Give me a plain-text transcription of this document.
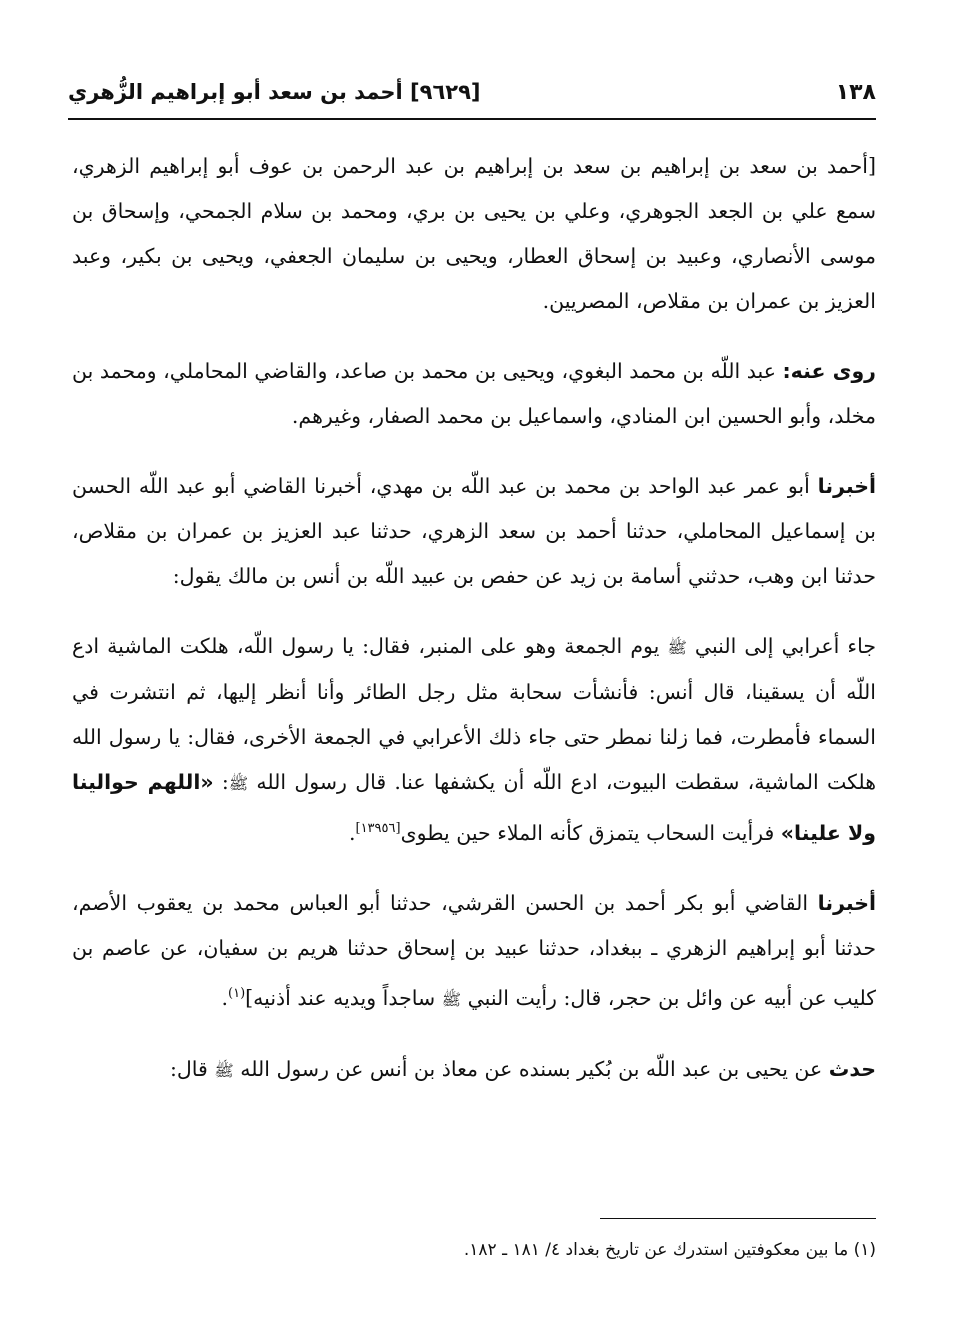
١٣٨
[٩٦٢٩] أحمد بن سعد أبو إبراهيم الزُّهري

[أحمد بن سعد بن إبراهيم بن سعد بن إبراهيم بن عبد الرحمن بن عوف أبو إبراهيم الزهري، سمع علي بن الجعد الجوهري، وعلي بن يحيى بن بري، ومحمد بن سلام الجمحي، وإسحاق بن موسى الأنصاري، وعبيد بن إسحاق العطار، ويحيى بن سليمان الجعفي، ويحيى بن بكير، وعبد العزيز بن عمران بن مقلاص، المصريين.

روى عنه: عبد اللّه بن محمد البغوي، ويحيى بن محمد بن صاعد، والقاضي المحاملي، ومحمد بن مخلد، وأبو الحسين ابن المنادي، واسماعيل بن محمد الصفار، وغيرهم.

أخبرنا أبو عمر عبد الواحد بن محمد بن عبد اللّه بن مهدي، أخبرنا القاضي أبو عبد اللّه الحسن بن إسماعيل المحاملي، حدثنا أحمد بن سعد الزهري، حدثنا عبد العزيز بن عمران بن مقلاص، حدثنا ابن وهب، حدثني أسامة بن زيد عن حفص بن عبيد اللّه بن أنس بن مالك يقول:

جاء أعرابي إلى النبي ﷺ يوم الجمعة وهو على المنبر، فقال: يا رسول اللّه، هلكت الماشية ادع اللّه أن يسقينا، قال أنس: فأنشأت سحابة مثل رجل الطائر وأنا أنظر إليها، ثم انتشرت في السماء فأمطرت، فما زلنا نمطر حتى جاء ذلك الأعرابي في الجمعة الأخرى، فقال: يا رسول الله هلكت الماشية، سقطت البيوت، ادع اللّه أن يكشفها عنا. قال رسول الله ﷺ: «اللهم حوالينا ولا علينا» فرأيت السحاب يتمزق كأنه الملاء حين يطوى[١٣٩٥٦].

أخبرنا القاضي أبو بكر أحمد بن الحسن القرشي، حدثنا أبو العباس محمد بن يعقوب الأصم، حدثنا أبو إبراهيم الزهري ـ ببغداد، حدثنا عبيد بن إسحاق حدثنا هريم بن سفيان، عن عاصم بن كليب عن أبيه عن وائل بن حجر، قال: رأيت النبي ﷺ ساجداً ويديه عند أذنيه]$^{(١)}$.

حدث عن يحيى بن عبد اللّه بن بُكير بسنده عن معاذ بن أنس عن رسول الله ﷺ قال:

(١) ما بين معكوفتين استدرك عن تاريخ بغداد ٤/ ١٨١ ـ ١٨٢.
